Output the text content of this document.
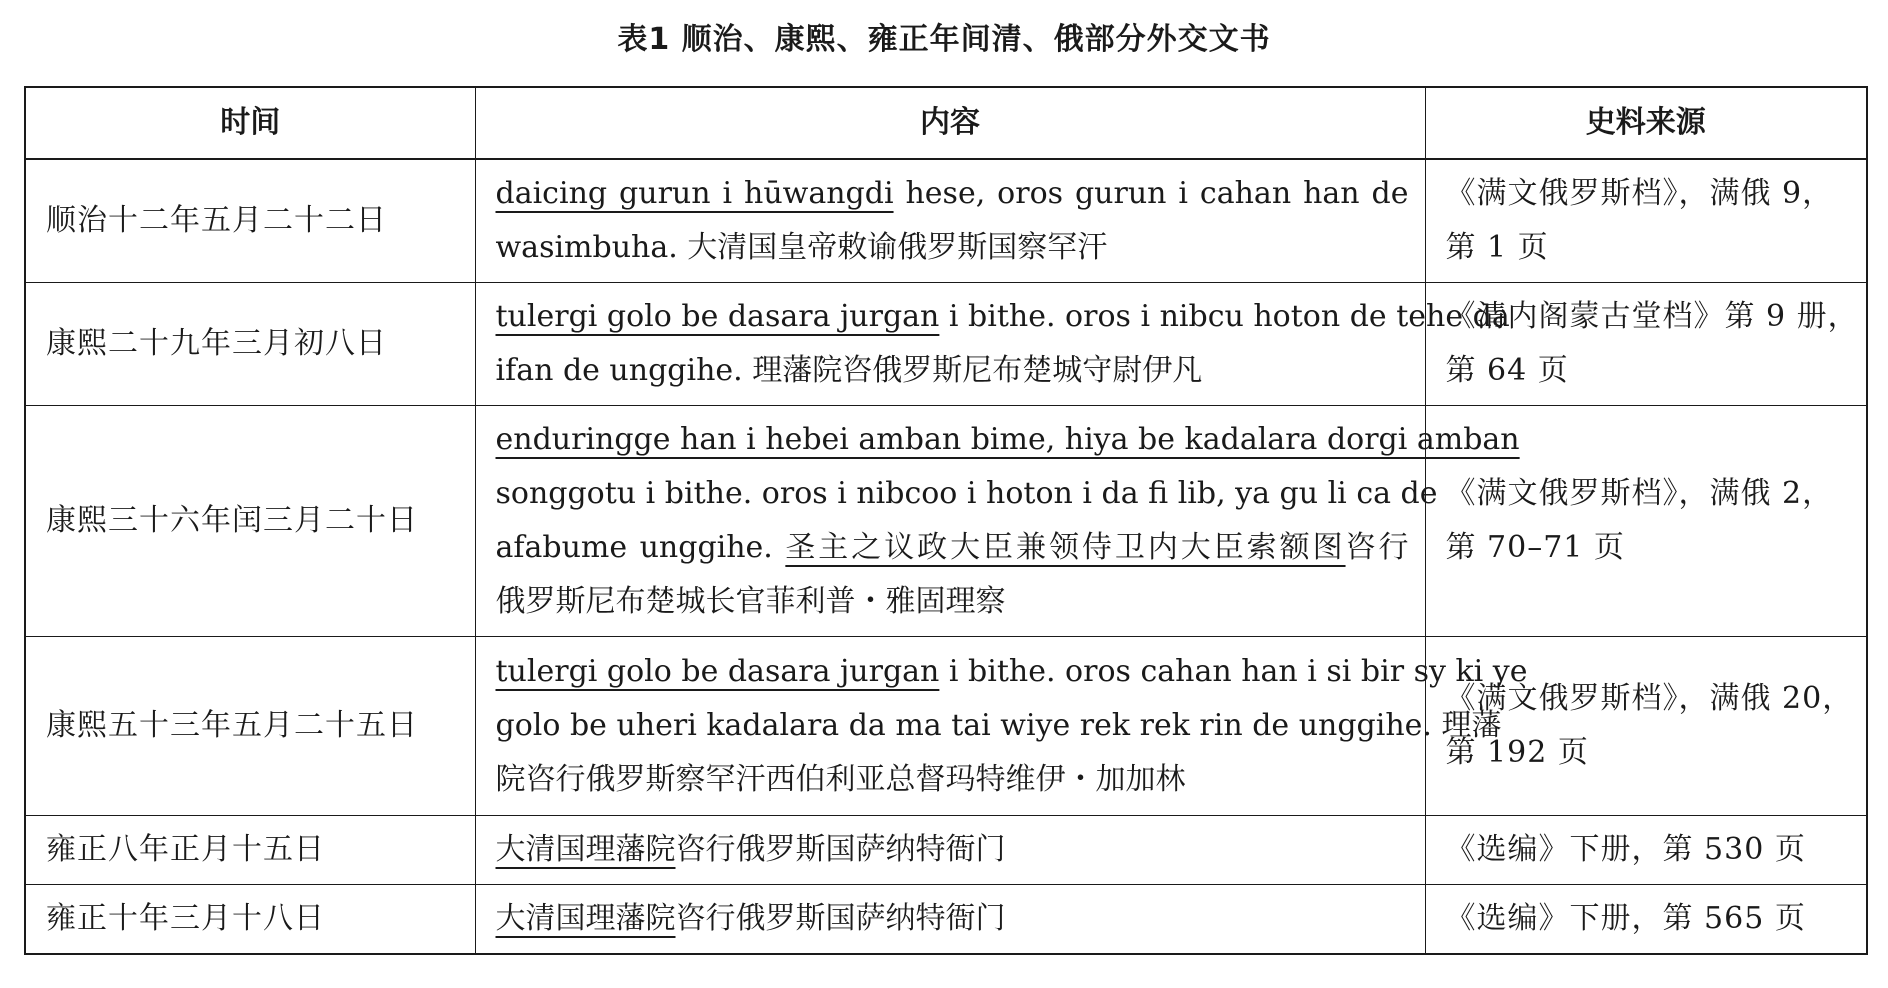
表1 顺治、康熙、雍正年间清、俄部分外交文书
时间	内容	史料来源
顺治十二年五月二十二日	daicing gurun i hūwangdi hese, oros gurun i cahan han de
wasimbuha. 大清国皇帝敕谕俄罗斯国察罕汗	《满文俄罗斯档》，满俄 9，
第 1 页

康熙二十九年三月初八日	tulergi golo be dasara jurgan i bithe. oros i nibcu hoton de tehe da
ifan de unggihe. 理藩院咨俄罗斯尼布楚城守尉伊凡	《清内阁蒙古堂档》第 9 册，
第 64 页

康熙三十六年闰三月二十日	enduringge han i hebei amban bime, hiya be kadalara dorgi amban
songgotu i bithe. oros i nibcoo i hoton i da fi lib, ya gu li ca de
afabume unggihe. 圣主之议政大臣兼领侍卫内大臣索额图咨行
俄罗斯尼布楚城长官菲利普・雅固理察	《满文俄罗斯档》，满俄 2，
第 70–71 页

康熙五十三年五月二十五日	tulergi golo be dasara jurgan i bithe. oros cahan han i si bir sy ki ye
golo be uheri kadalara da ma tai wiye rek rek rin de unggihe. 理藩
院咨行俄罗斯察罕汗西伯利亚总督玛特维伊・加加林	《满文俄罗斯档》，满俄 20，
第 192 页

雍正八年正月十五日	大清国理藩院咨行俄罗斯国萨纳特衙门	《选编》下册，第 530 页

雍正十年三月十八日	大清国理藩院咨行俄罗斯国萨纳特衙门	《选编》下册，第 565 页
